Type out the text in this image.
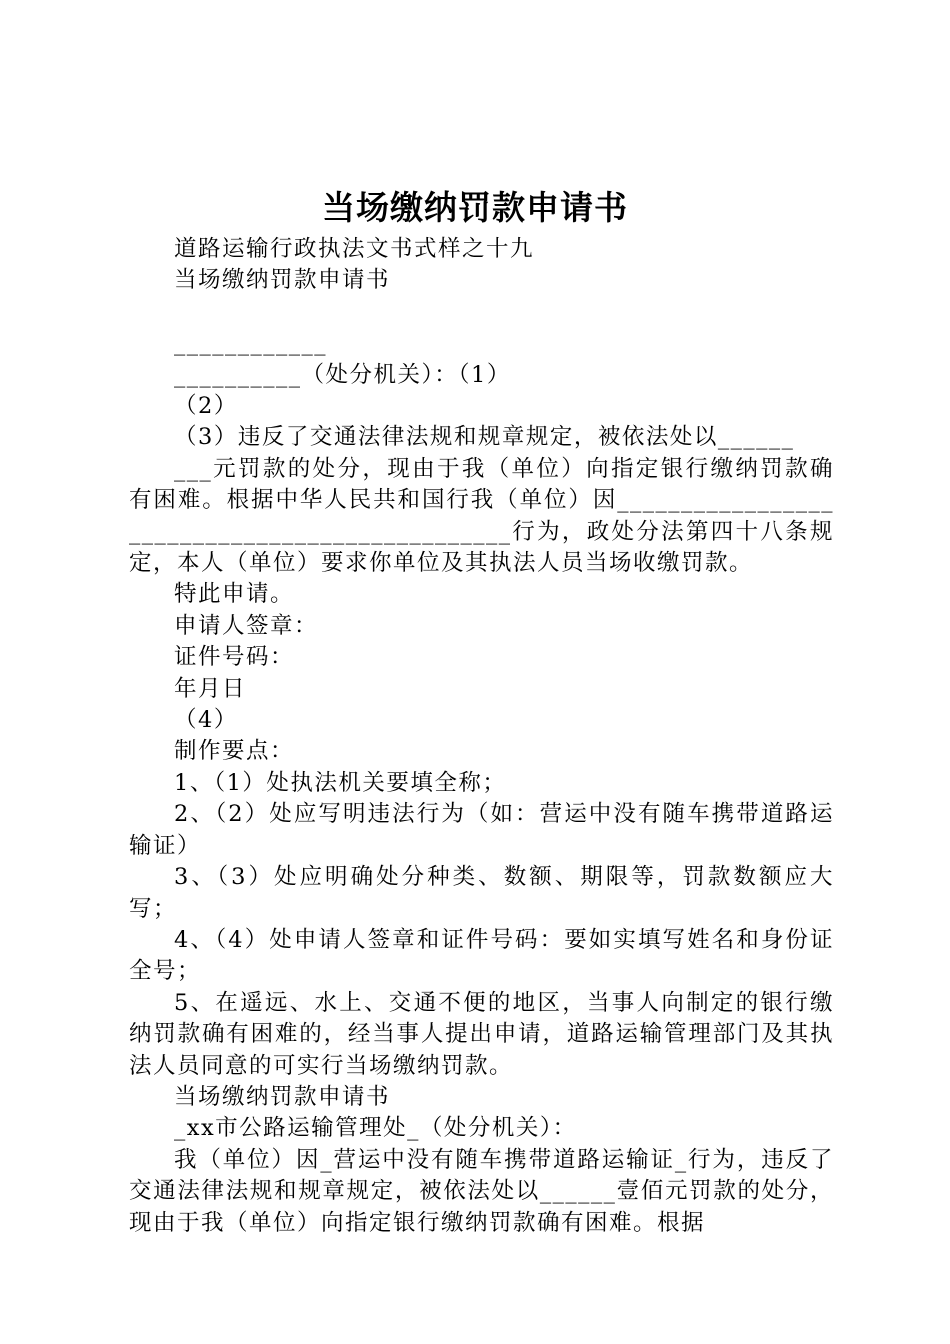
当场缴纳罚款申请书

道路运输行政执法文书式样之十九

当场缴纳罚款申请书

____________

__________（处分机关）：（1）

（2）

（3）违反了交通法律法规和规章规定，被依法处以______

___元罚款的处分，现由于我（单位）向指定银行缴纳罚款确有困难。根据中华人民共和国行我（单位）因_______________________________________________行为，政处分法第四十八条规定，本人（单位）要求你单位及其执法人员当场收缴罚款。

特此申请。

申请人签章：

证件号码：

年月日

（4）

制作要点：

1、（1）处执法机关要填全称；

2、（2）处应写明违法行为（如：营运中没有随车携带道路运输证）

3、（3）处应明确处分种类、数额、期限等，罚款数额应大写；

4、（4）处申请人签章和证件号码：要如实填写姓名和身份证全号；

5、在遥远、水上、交通不便的地区，当事人向制定的银行缴纳罚款确有困难的，经当事人提出申请，道路运输管理部门及其执法人员同意的可实行当场缴纳罚款。

当场缴纳罚款申请书

_xx市公路运输管理处_（处分机关）：

我（单位）因_营运中没有随车携带道路运输证_行为，违反了交通法律法规和规章规定，被依法处以______壹佰元罚款的处分，现由于我（单位）向指定银行缴纳罚款确有困难。根据
